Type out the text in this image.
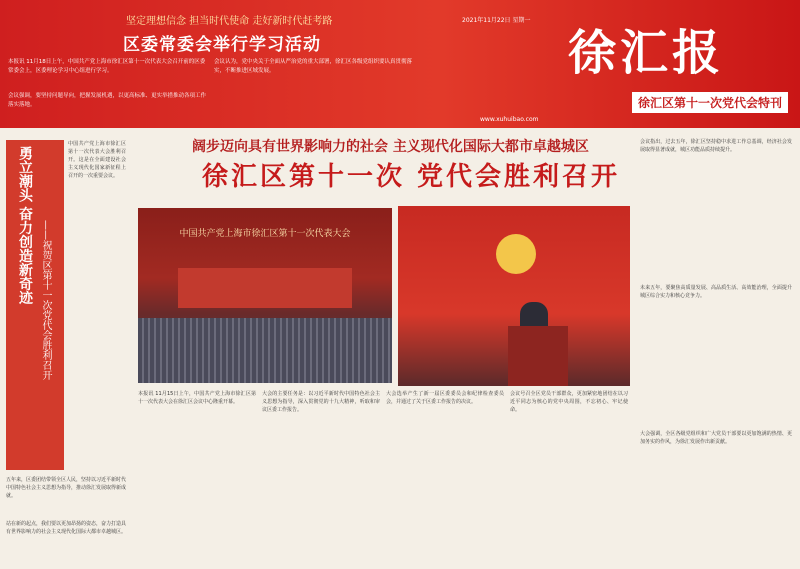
坚定理想信念 担当时代使命 走好新时代赶考路
区委常委会举行学习活动
本报讯 11月18日上午，中国共产党上海市徐汇区第十一次代表大会召开前的区委常委会上，区委理论学习中心组进行学习。
会议认为，党中央关于全面从严治党的重大部署，徐汇区各级党组织要认真贯彻落实，不断推进区域发展。
会议强调，要坚持问题导向，把握发展机遇，以更高标准、更实举措推动各项工作落实落地。
2021年11月22日 星期一
徐汇报
徐汇区第十一次党代会特刊
www.xuhuibao.com
勇立潮头 奋力创造新奇迹 ——祝贺区第十一次党代会胜利召开
中国共产党上海市徐汇区第十一次代表大会胜利召开。这是在全面建设社会主义现代化国家新征程上召开的一次重要会议。
五年来，区委团结带领全区人民，坚持以习近平新时代中国特色社会主义思想为指导，推动徐汇发展取得新成就。
站在新的起点，我们要以更加昂扬的姿态，奋力打造具有世界影响力的社会主义现代化国际大都市卓越城区。
阔步迈向具有世界影响力的社会 主义现代化国际大都市卓越城区
徐汇区第十一次 党代会胜利召开
中国共产党上海市徐汇区第十一次代表大会
本报讯 11月15日上午，中国共产党上海市徐汇区第十一次代表大会在徐汇区会议中心隆重开幕。
大会的主要任务是：以习近平新时代中国特色社会主义思想为指导，深入贯彻党的十九大精神，听取和审议区委工作报告。
大会选举产生了新一届区委委员会和纪律检查委员会，并通过了关于区委工作报告的决议。
会议号召全区党员干部群众，更加紧密地团结在以习近平同志为核心的党中央周围，不忘初心、牢记使命。
会议指出，过去五年，徐汇区坚持稳中求进工作总基调，经济社会发展取得显著成就，城区功能品质持续提升。
未来五年，要聚焦高质量发展、高品质生活、高效能治理，全面提升城区综合实力和核心竞争力。
大会强调，全区各级党组织和广大党员干部要以更加饱满的热情、更加务实的作风，为徐汇发展作出新贡献。
